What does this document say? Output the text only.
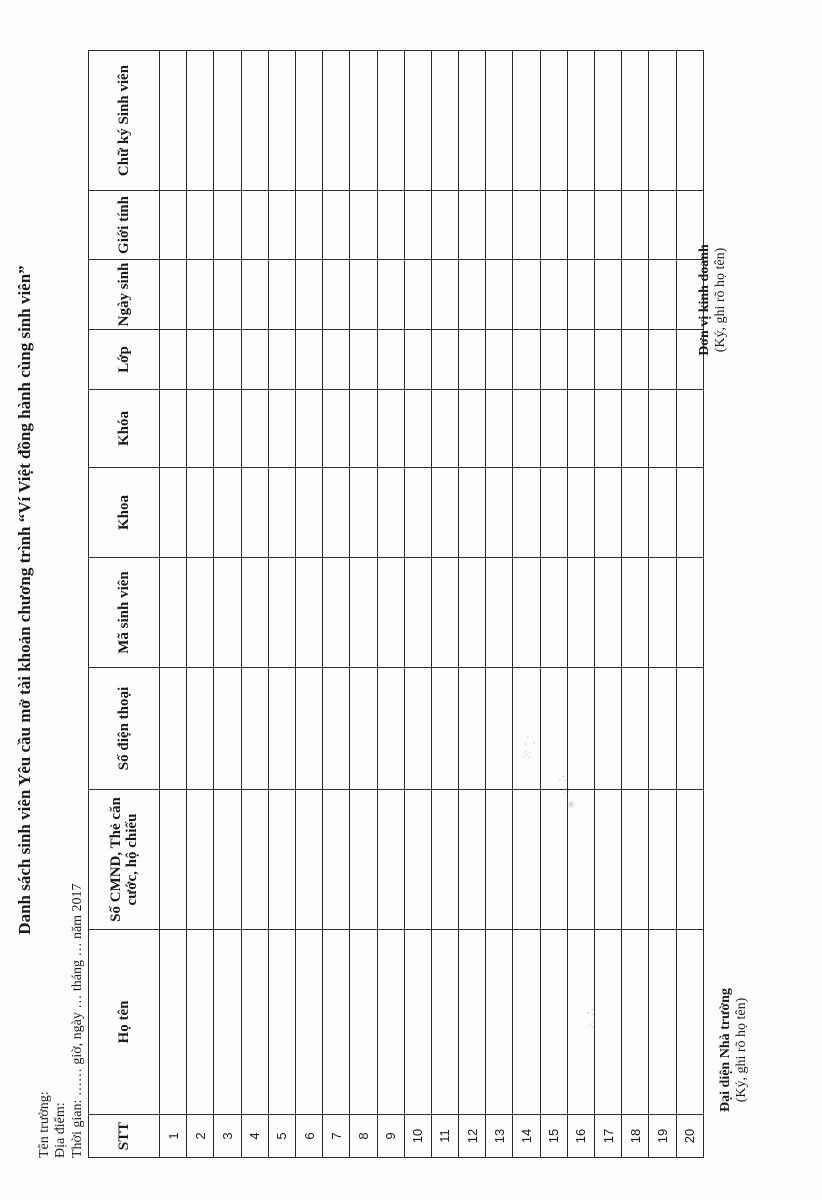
Danh sách sinh viên Yêu cầu mở tài khoản chương trình “Ví Việt đồng hành cùng sinh viên”
Tên trường: Địa điểm: Thời gian: …… giờ, ngày … tháng … năm 2017 STT	Họ tên	Số CMND, Thẻ căn cước, hộ chiếu	Số điện thoại	Mã sinh viên	Khoa	Khóa	Lớp	Ngày sinh	Giới tính	Chữ ký Sinh viên
1										
2										
3										
4										
5										
6										
7										
8										
9										
10										
11										
12										
13										
14										
15										
16										
17										
18										
19										
20										
Đại diện Nhà trường (Ký, ghi rõ họ tên)
Đơn vị kinh doanh (Ký, ghi rõ họ tên)
✳ ⁘ ∴
⁙ ⸪
⁘ ∴
